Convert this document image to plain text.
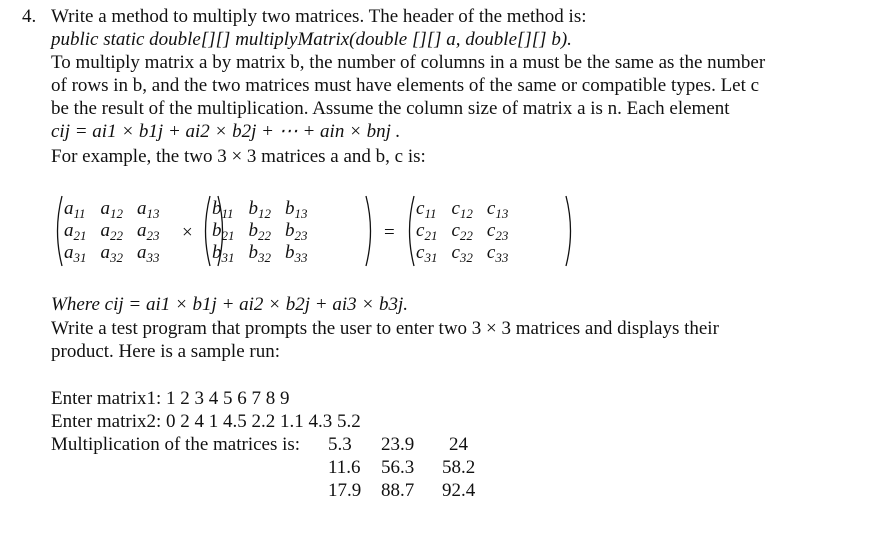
4. Write a method to multiply two matrices. The header of the method is:
public static double[][] multiplyMatrix(double [][] a, double[][] b).
To multiply matrix a by matrix b, the number of columns in a must be the same as the number
of rows in b, and the two matrices must have elements of the same or compatible types. Let c
be the result of the multiplication. Assume the column size of matrix a is n. Each element
cij = ai1 × b1j + ai2 × b2j + ⋯ + ain × bnj .
For example, the two 3 × 3 matrices a and b, c is:
$a_{11}$ $a_{12}$ $a_{13}$
$a_{21}$ $a_{22}$ $a_{23}$
$a_{31}$ $a_{32}$ $a_{33}$
×
$b_{11}$ $b_{12}$ $b_{13}$
$b_{21}$ $b_{22}$ $b_{23}$
$b_{31}$ $b_{32}$ $b_{33}$
=
$c_{11}$ $c_{12}$ $c_{13}$
$c_{21}$ $c_{22}$ $c_{23}$
$c_{31}$ $c_{32}$ $c_{33}$
Where cij = ai1 × b1j + ai2 × b2j + ai3 × b3j.
Write a test program that prompts the user to enter two 3 × 3 matrices and displays their
product. Here is a sample run:
Enter matrix1: 1 2 3 4 5 6 7 8 9
Enter matrix2: 0 2 4 1 4.5 2.2 1.1 4.3 5.2
Multiplication of the matrices is: 5.3 23.9 24
11.6 56.3 58.2
17.9 88.7 92.4
